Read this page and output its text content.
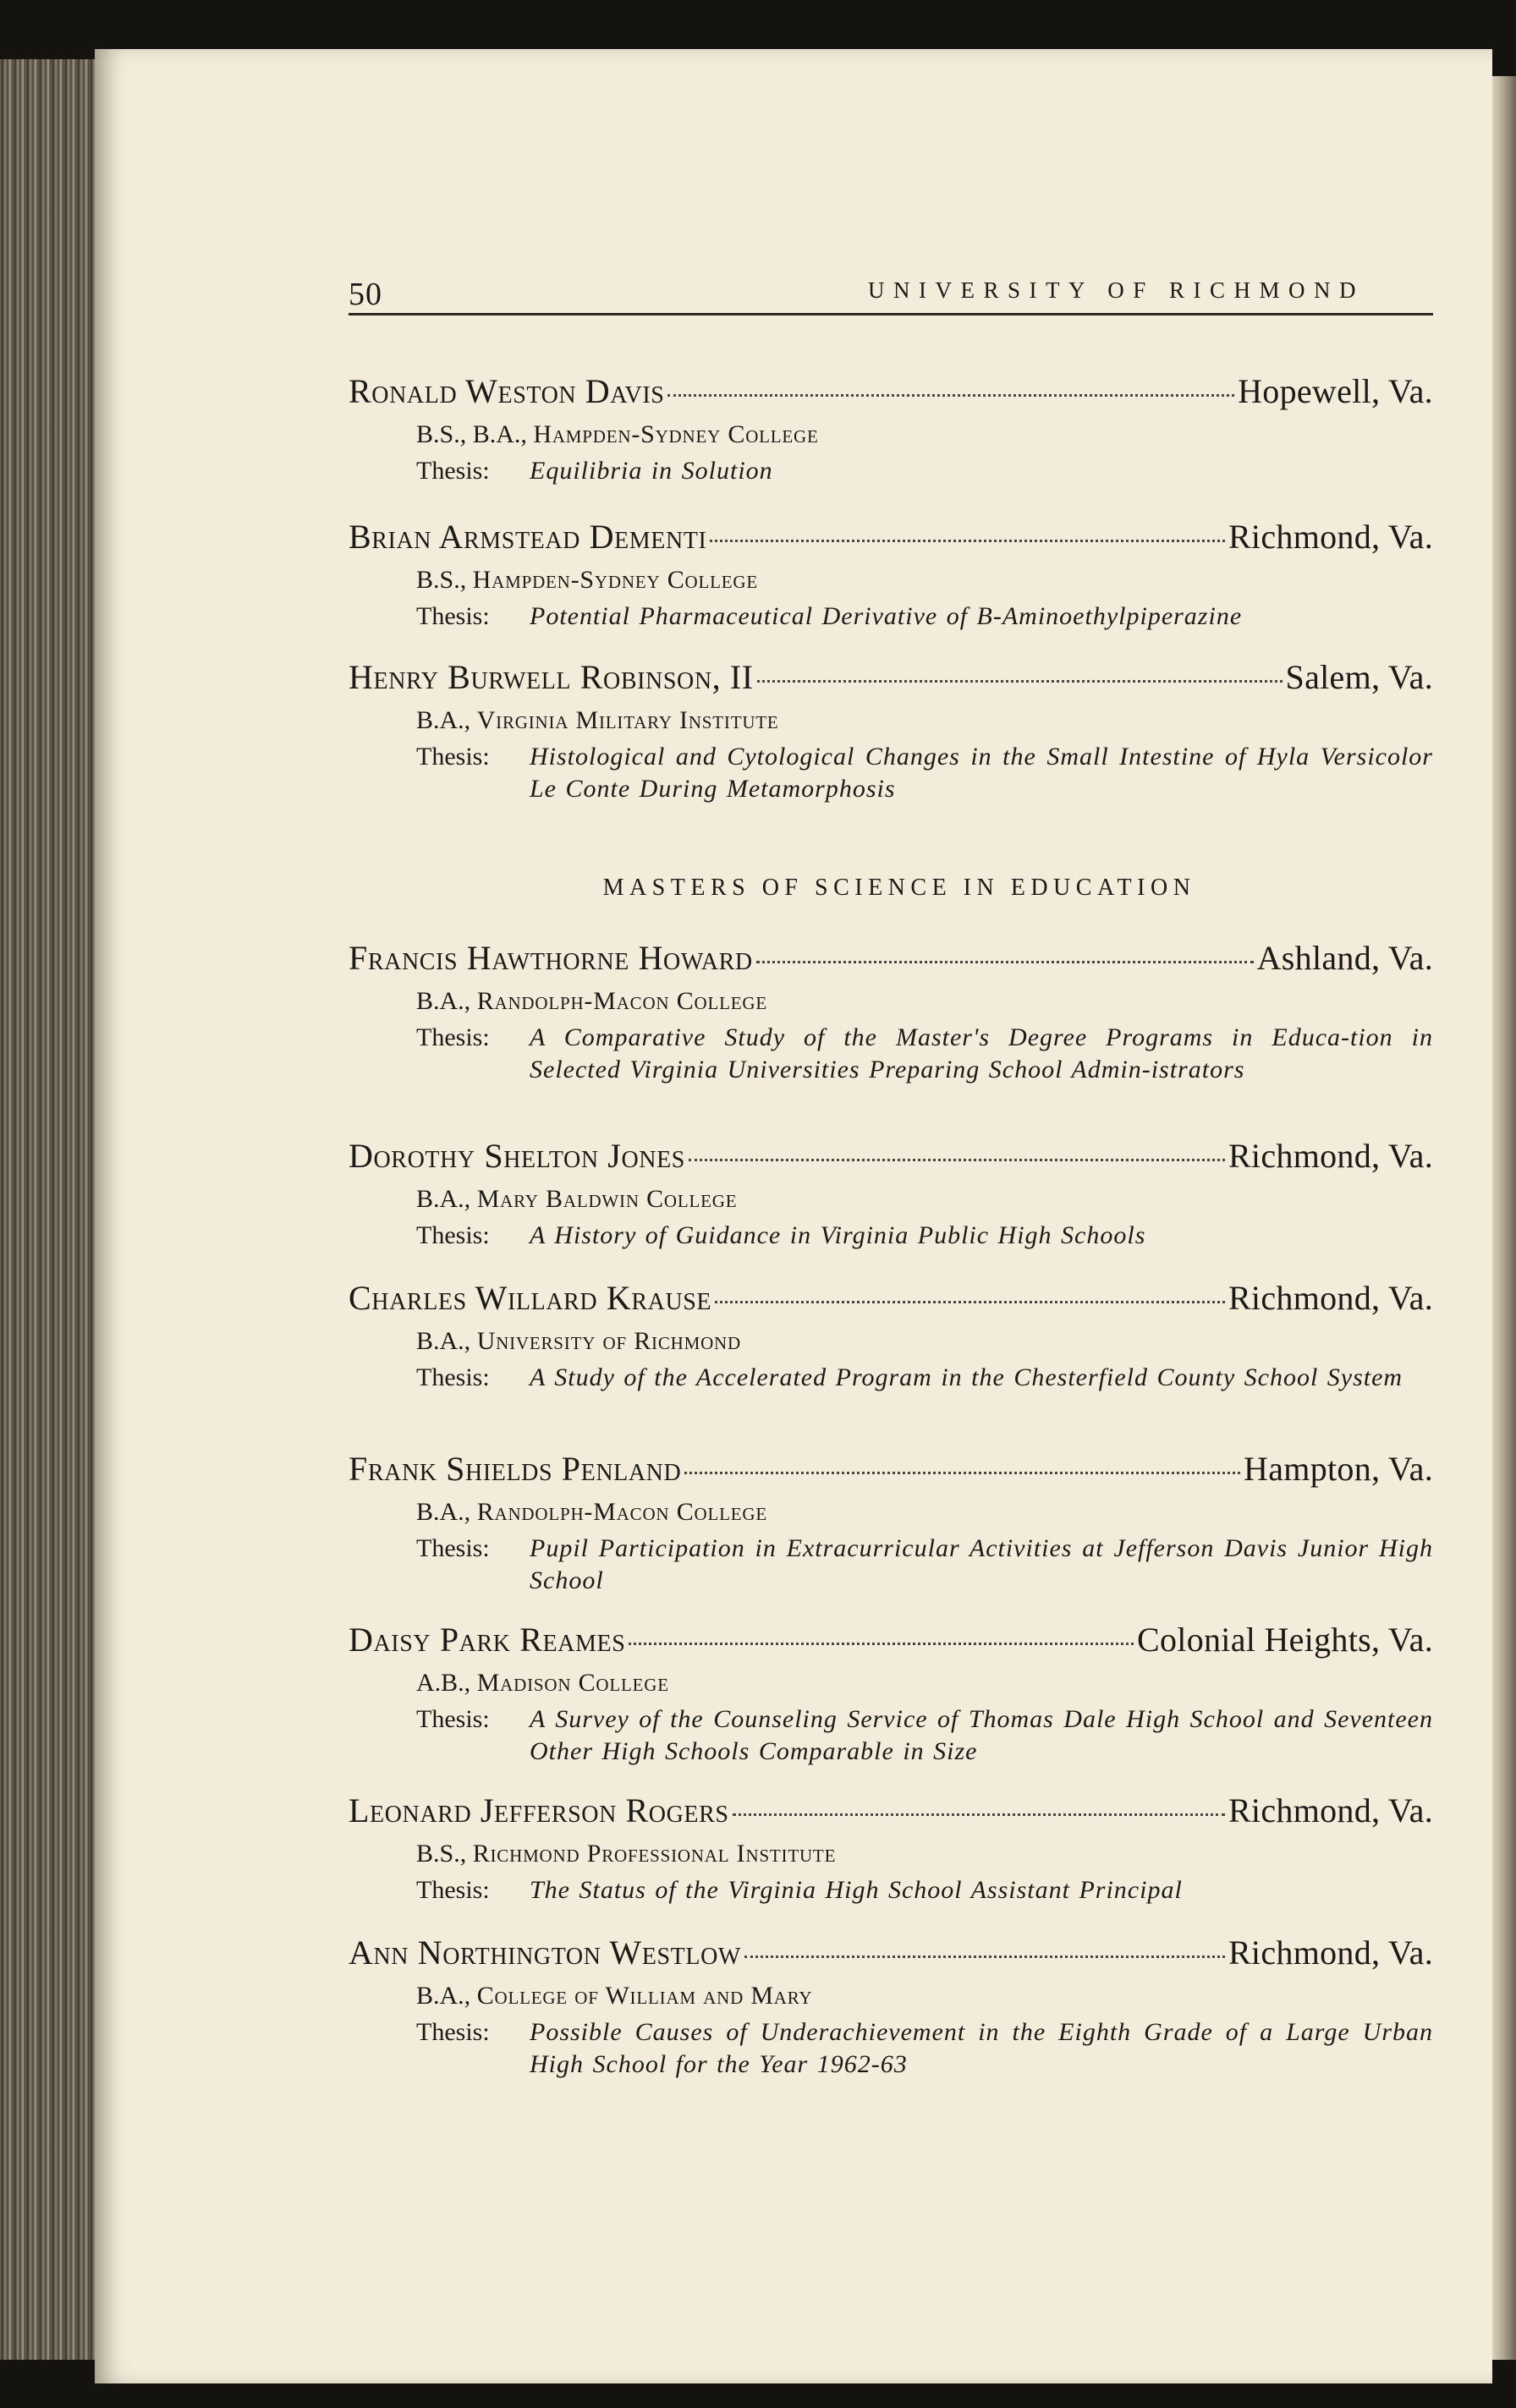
50	UNIVERSITY OF RICHMOND
Ronald Weston Davis	Hopewell, Va.
B.S., B.A., Hampden-Sydney College
Thesis:	Equilibria in Solution
Brian Armstead Dementi	Richmond, Va.
B.S., Hampden-Sydney College
Thesis:	Potential Pharmaceutical Derivative of B-Aminoethylpiperazine
Henry Burwell Robinson, II	Salem, Va.
B.A., Virginia Military Institute
Thesis:	Histological and Cytological Changes in the Small Intestine of Hyla Versicolor Le Conte During Metamorphosis
MASTERS OF SCIENCE IN EDUCATION
Francis Hawthorne Howard	Ashland, Va.
B.A., Randolph-Macon College
Thesis:	A Comparative Study of the Master's Degree Programs in Educa-tion in Selected Virginia Universities Preparing School Admin-istrators
Dorothy Shelton Jones	Richmond, Va.
B.A., Mary Baldwin College
Thesis:	A History of Guidance in Virginia Public High Schools
Charles Willard Krause	Richmond, Va.
B.A., University of Richmond
Thesis:	A Study of the Accelerated Program in the Chesterfield County School System
Frank Shields Penland	Hampton, Va.
B.A., Randolph-Macon College
Thesis:	Pupil Participation in Extracurricular Activities at Jefferson Davis Junior High School
Daisy Park Reames	Colonial Heights, Va.
A.B., Madison College
Thesis:	A Survey of the Counseling Service of Thomas Dale High School and Seventeen Other High Schools Comparable in Size
Leonard Jefferson Rogers	Richmond, Va.
B.S., Richmond Professional Institute
Thesis:	The Status of the Virginia High School Assistant Principal
Ann Northington Westlow	Richmond, Va.
B.A., College of William and Mary
Thesis:	Possible Causes of Underachievement in the Eighth Grade of a Large Urban High School for the Year 1962-63
